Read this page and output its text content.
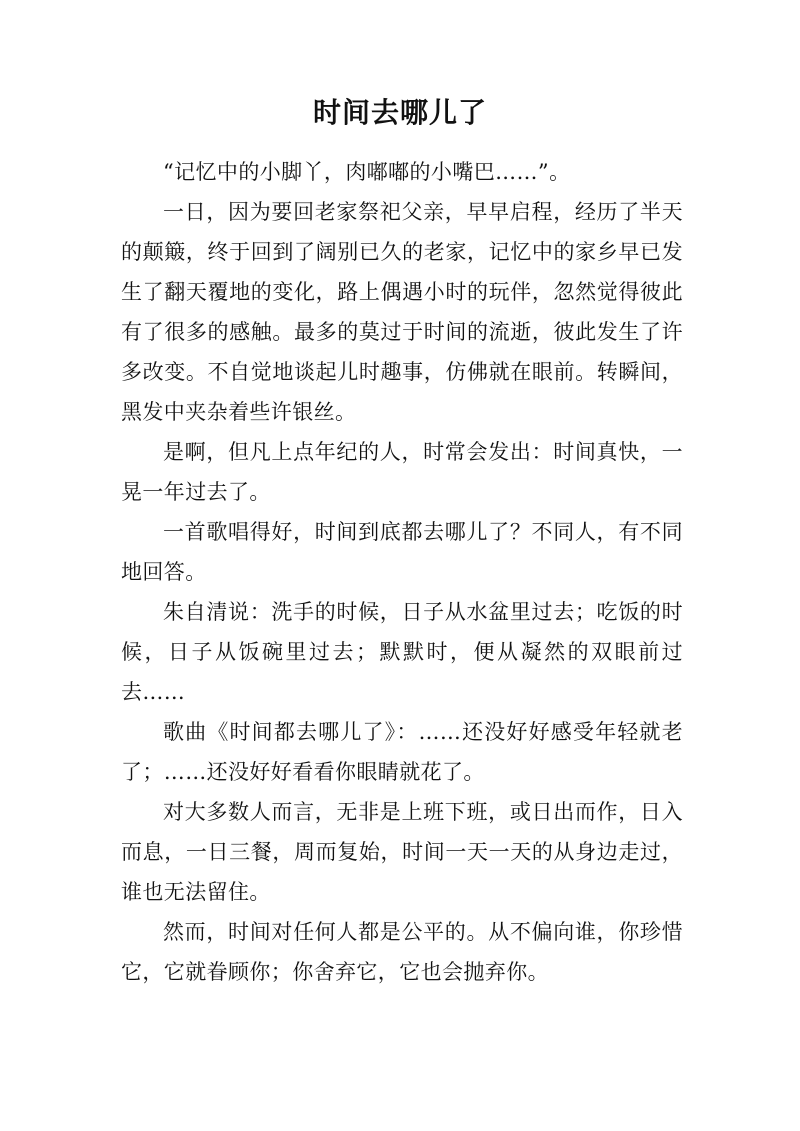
时间去哪儿了

“记忆中的小脚丫，肉嘟嘟的小嘴巴……”。

一日，因为要回老家祭祀父亲，早早启程，经历了半天的颠簸，终于回到了阔别已久的老家，记忆中的家乡早已发生了翻天覆地的变化，路上偶遇小时的玩伴，忽然觉得彼此有了很多的感触。最多的莫过于时间的流逝，彼此发生了许多改变。不自觉地谈起儿时趣事，仿佛就在眼前。转瞬间，黑发中夹杂着些许银丝。

是啊，但凡上点年纪的人，时常会发出：时间真快，一晃一年过去了。

一首歌唱得好，时间到底都去哪儿了？不同人，有不同地回答。

朱自清说：洗手的时候，日子从水盆里过去；吃饭的时候，日子从饭碗里过去；默默时，便从凝然的双眼前过去……

歌曲《时间都去哪儿了》：……还没好好感受年轻就老了；……还没好好看看你眼睛就花了。

对大多数人而言，无非是上班下班，或日出而作，日入而息，一日三餐，周而复始，时间一天一天的从身边走过，谁也无法留住。

然而，时间对任何人都是公平的。从不偏向谁，你珍惜它，它就眷顾你；你舍弃它，它也会抛弃你。
